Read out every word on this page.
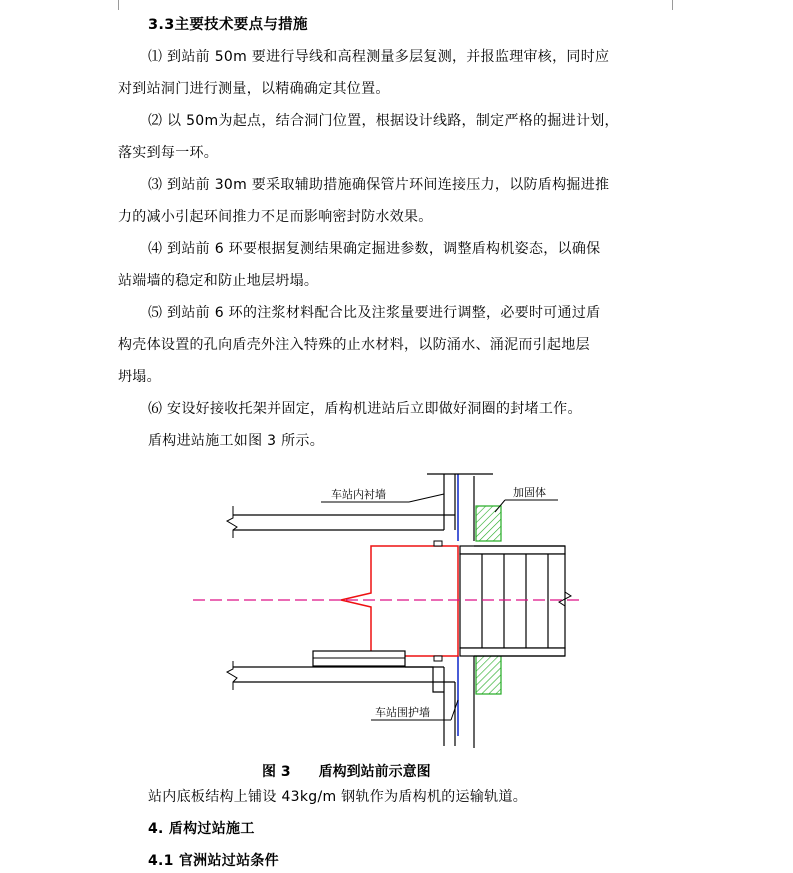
3.3主要技术要点与措施
⑴ 到站前 50m 要进行导线和高程测量多层复测，并报监理审核，同时应
对到站洞门进行测量，以精确确定其位置。
⑵ 以 50m为起点，结合洞门位置，根据设计线路，制定严格的掘进计划，
落实到每一环。
⑶ 到站前 30m 要采取辅助措施确保管片环间连接压力，以防盾构掘进推
力的减小引起环间推力不足而影响密封防水效果。
⑷ 到站前 6 环要根据复测结果确定掘进参数，调整盾构机姿态，以确保
站端墙的稳定和防止地层坍塌。
⑸ 到站前 6 环的注浆材料配合比及注浆量要进行调整，必要时可通过盾
构壳体设置的孔向盾壳外注入特殊的止水材料，以防涌水、涌泥而引起地层
坍塌。
⑹ 安设好接收托架并固定，盾构机进站后立即做好洞圈的封堵工作。
盾构进站施工如图 3 所示。
车站内衬墙	加固体
车站围护墙
图 3 盾构到站前示意图
站内底板结构上铺设 43kg/m 钢轨作为盾构机的运输轨道。
4. 盾构过站施工
4.1 官洲站过站条件
